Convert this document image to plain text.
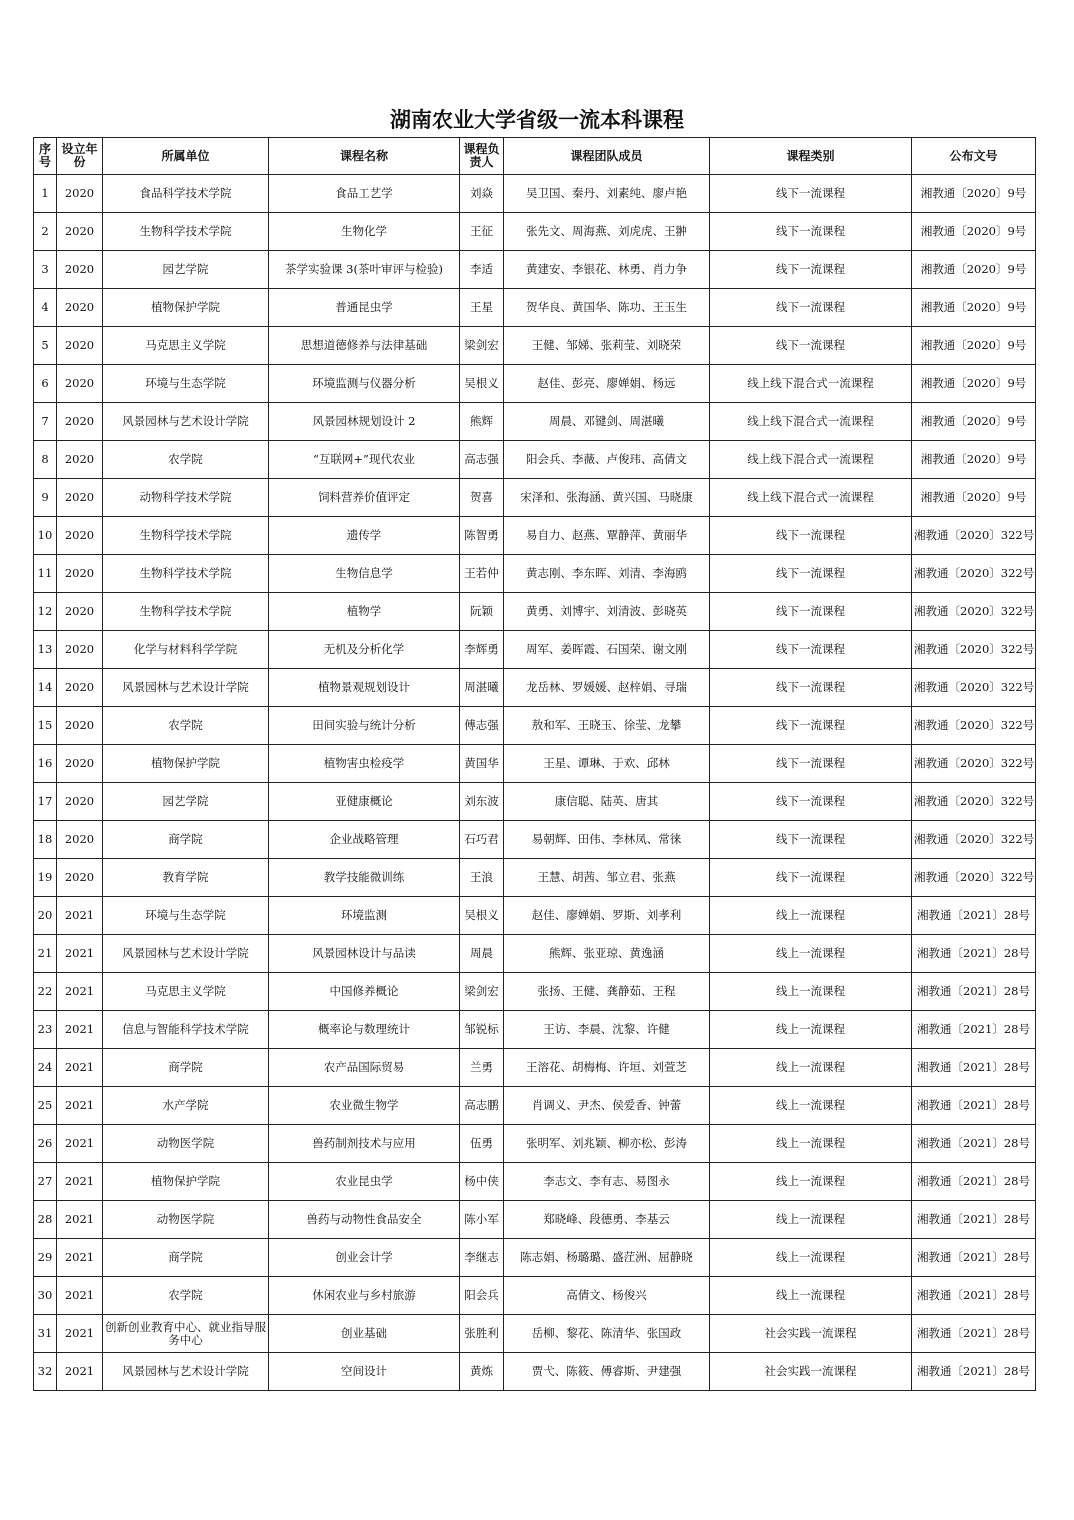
湖南农业大学省级一流本科课程
序号	设立年份	所属单位	课程名称	课程负责人	课程团队成员	课程类别	公布文号
1	2020	食品科学技术学院	食品工艺学	刘焱	吴卫国、秦丹、刘素纯、廖卢艳	线下一流课程	湘教通〔2020〕9号
2	2020	生物科学技术学院	生物化学	王征	张先文、周海燕、刘虎虎、王翀	线下一流课程	湘教通〔2020〕9号
3	2020	园艺学院	茶学实验课 3(茶叶审评与检验)	李适	黄建安、李银花、林勇、肖力争	线下一流课程	湘教通〔2020〕9号
4	2020	植物保护学院	普通昆虫学	王星	贺华良、黄国华、陈功、王玉生	线下一流课程	湘教通〔2020〕9号
5	2020	马克思主义学院	思想道德修养与法律基础	梁剑宏	王健、邹娣、张莉莹、刘晓荣	线下一流课程	湘教通〔2020〕9号
6	2020	环境与生态学院	环境监测与仪器分析	吴根义	赵佳、彭亮、廖婵娟、杨远	线上线下混合式一流课程	湘教通〔2020〕9号
7	2020	风景园林与艺术设计学院	风景园林规划设计 2	熊辉	周晨、邓键剑、周湛曦	线上线下混合式一流课程	湘教通〔2020〕9号
8	2020	农学院	“互联网+”现代农业	高志强	阳会兵、李薇、卢俊玮、高倩文	线上线下混合式一流课程	湘教通〔2020〕9号
9	2020	动物科学技术学院	饲料营养价值评定	贺喜	宋泽和、张海涵、黄兴国、马晓康	线上线下混合式一流课程	湘教通〔2020〕9号
10	2020	生物科学技术学院	遗传学	陈智勇	易自力、赵燕、覃静萍、黄丽华	线下一流课程	湘教通〔2020〕322号
11	2020	生物科学技术学院	生物信息学	王若仲	黄志刚、李东晖、刘清、李海鸥	线下一流课程	湘教通〔2020〕322号
12	2020	生物科学技术学院	植物学	阮颖	黄勇、刘博宇、刘清波、彭晓英	线下一流课程	湘教通〔2020〕322号
13	2020	化学与材料科学学院	无机及分析化学	李辉勇	周军、姜晖霞、石国荣、谢文刚	线下一流课程	湘教通〔2020〕322号
14	2020	风景园林与艺术设计学院	植物景观规划设计	周湛曦	龙岳林、罗媛媛、赵梓娟、寻瑞	线下一流课程	湘教通〔2020〕322号
15	2020	农学院	田间实验与统计分析	傅志强	敖和军、王晓玉、徐莹、龙攀	线下一流课程	湘教通〔2020〕322号
16	2020	植物保护学院	植物害虫检疫学	黄国华	王星、谭琳、于欢、邱林	线下一流课程	湘教通〔2020〕322号
17	2020	园艺学院	亚健康概论	刘东波	康信聪、陆英、唐其	线下一流课程	湘教通〔2020〕322号
18	2020	商学院	企业战略管理	石巧君	易朝辉、田伟、李林凤、常徕	线下一流课程	湘教通〔2020〕322号
19	2020	教育学院	教学技能微训练	王浪	王慧、胡茜、邹立君、张燕	线下一流课程	湘教通〔2020〕322号
20	2021	环境与生态学院	环境监测	吴根义	赵佳、廖婵娟、罗斯、刘孝利	线上一流课程	湘教通〔2021〕28号
21	2021	风景园林与艺术设计学院	风景园林设计与品读	周晨	熊辉、张亚琼、黄逸涵	线上一流课程	湘教通〔2021〕28号
22	2021	马克思主义学院	中国修养概论	梁剑宏	张扬、王健、龚静茹、王程	线上一流课程	湘教通〔2021〕28号
23	2021	信息与智能科学技术学院	概率论与数理统计	邹锐标	王访、李晨、沈黎、许健	线上一流课程	湘教通〔2021〕28号
24	2021	商学院	农产品国际贸易	兰勇	王溶花、胡梅梅、许垣、刘萱芝	线上一流课程	湘教通〔2021〕28号
25	2021	水产学院	农业微生物学	高志鹏	肖调义、尹杰、侯爱香、钟蕾	线上一流课程	湘教通〔2021〕28号
26	2021	动物医学院	兽药制剂技术与应用	伍勇	张明军、刘兆颖、柳亦松、彭涛	线上一流课程	湘教通〔2021〕28号
27	2021	植物保护学院	农业昆虫学	杨中侠	李志文、李有志、易图永	线上一流课程	湘教通〔2021〕28号
28	2021	动物医学院	兽药与动物性食品安全	陈小军	郑晓峰、段德勇、李基云	线上一流课程	湘教通〔2021〕28号
29	2021	商学院	创业会计学	李继志	陈志娟、杨璐璐、盛茳洲、屈静晓	线上一流课程	湘教通〔2021〕28号
30	2021	农学院	休闲农业与乡村旅游	阳会兵	高倩文、杨俊兴	线上一流课程	湘教通〔2021〕28号
31	2021	创新创业教育中心、就业指导服务中心	创业基础	张胜利	岳柳、黎花、陈清华、张国政	社会实践一流课程	湘教通〔2021〕28号
32	2021	风景园林与艺术设计学院	空间设计	黄炼	贾弋、陈筱、傅睿斯、尹建强	社会实践一流课程	湘教通〔2021〕28号
